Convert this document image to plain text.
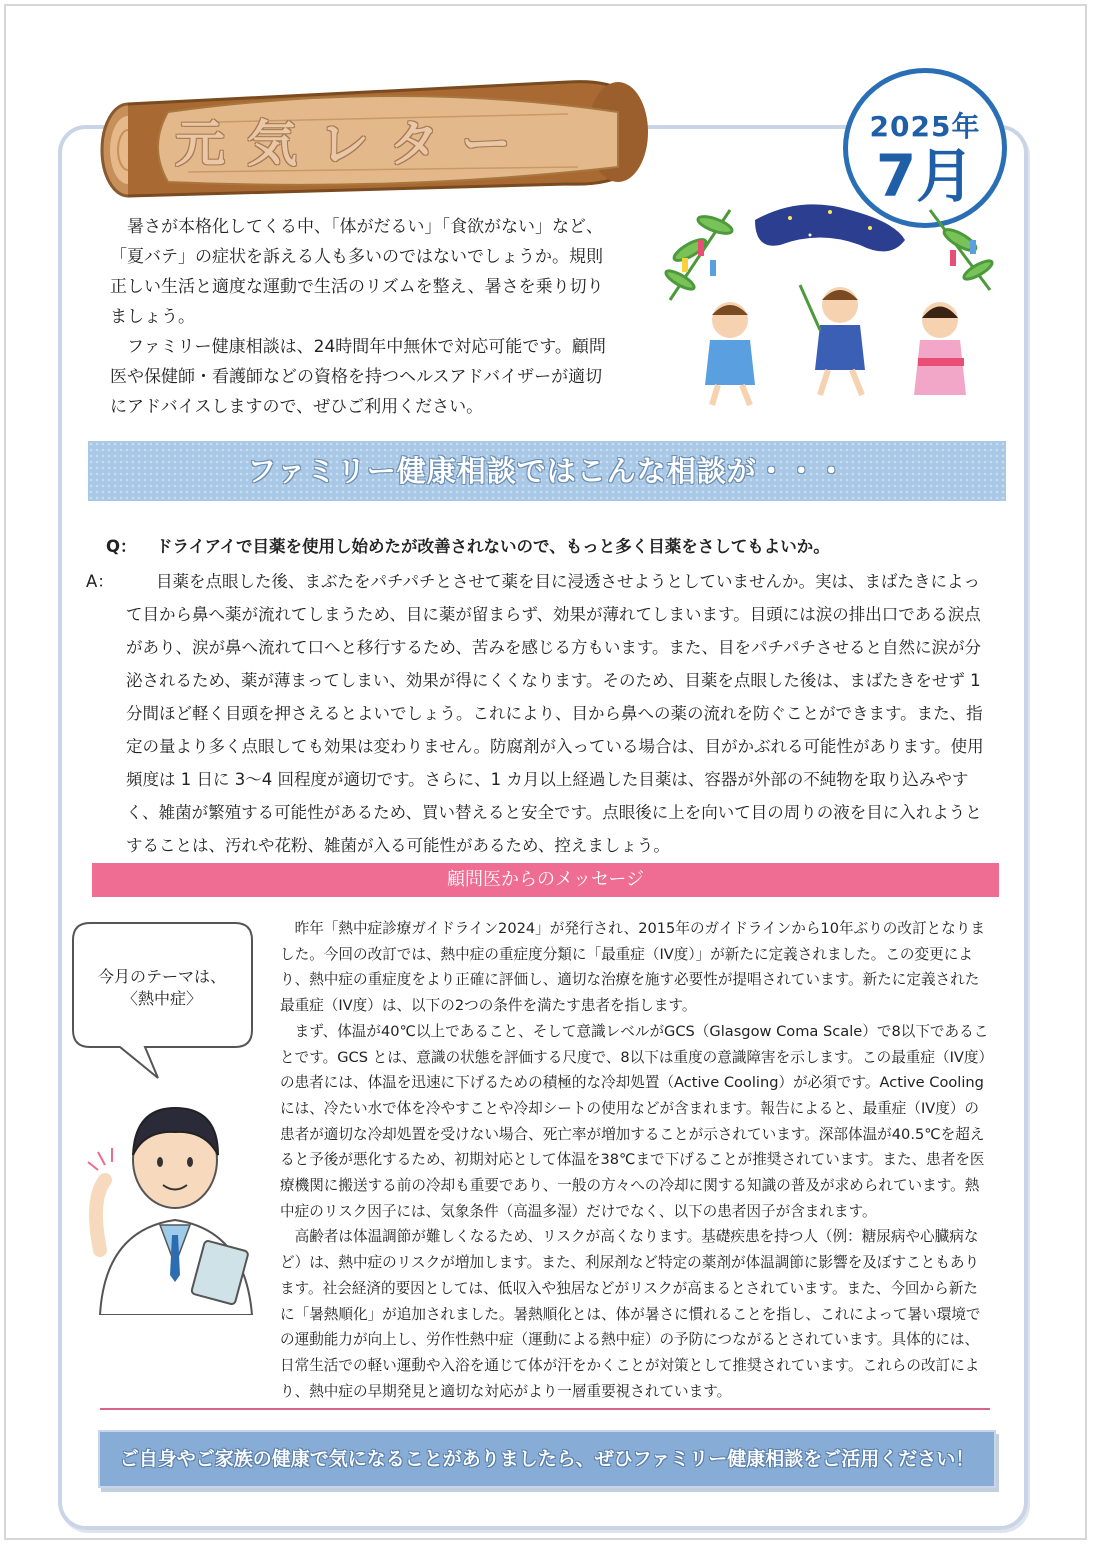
元気レター	2025年
7月

暑さが本格化してくる中、「体がだるい」「食欲がない」など、「夏バテ」の症状を訴える人も多いのではないでしょうか。規則正しい生活と適度な運動で生活のリズムを整え、暑さを乗り切りましょう。

ファミリー健康相談は、24時間年中無休で対応可能です。顧問医や保健師・看護師などの資格を持つヘルスアドバイザーが適切にアドバイスしますので、ぜひご利用ください。

ファミリー健康相談ではこんな相談が・・・
Q：	ドライアイで目薬を使用し始めたが改善されないので、もっと多く目薬をさしてもよいか。
A：	目薬を点眼した後、まぶたをパチパチとさせて薬を目に浸透させようとしていませんか。実は、まばたきによって目から鼻へ薬が流れてしまうため、目に薬が留まらず、効果が薄れてしまいます。目頭には涙の排出口である涙点があり、涙が鼻へ流れて口へと移行するため、苦みを感じる方もいます。また、目をパチパチさせると自然に涙が分泌されるため、薬が薄まってしまい、効果が得にくくなります。そのため、目薬を点眼した後は、まばたきをせず 1 分間ほど軽く目頭を押さえるとよいでしょう。これにより、目から鼻への薬の流れを防ぐことができます。また、指定の量より多く点眼しても効果は変わりません。防腐剤が入っている場合は、目がかぶれる可能性があります。使用頻度は 1 日に 3～4 回程度が適切です。さらに、1 カ月以上経過した目薬は、容器が外部の不純物を取り込みやすく、雑菌が繁殖する可能性があるため、買い替えると安全です。点眼後に上を向いて目の周りの液を目に入れようとすることは、汚れや花粉、雑菌が入る可能性があるため、控えましょう。
顧問医からのメッセージ
今月のテーマは、
〈熱中症〉

昨年「熱中症診療ガイドライン2024」が発行され、2015年のガイドラインから10年ぶりの改訂となりました。今回の改訂では、熱中症の重症度分類に「最重症（IV度）」が新たに定義されました。この変更により、熱中症の重症度をより正確に評価し、適切な治療を施す必要性が提唱されています。新たに定義された最重症（IV度）は、以下の2つの条件を満たす患者を指します。

まず、体温が40℃以上であること、そして意識レベルがGCS（Glasgow Coma Scale）で8以下であることです。GCS とは、意識の状態を評価する尺度で、8以下は重度の意識障害を示します。この最重症（IV度）の患者には、体温を迅速に下げるための積極的な冷却処置（Active Cooling）が必須です。Active Coolingには、冷たい水で体を冷やすことや冷却シートの使用などが含まれます。報告によると、最重症（IV度）の患者が適切な冷却処置を受けない場合、死亡率が増加することが示されています。深部体温が40.5℃を超えると予後が悪化するため、初期対応として体温を38℃まで下げることが推奨されています。また、患者を医療機関に搬送する前の冷却も重要であり、一般の方々への冷却に関する知識の普及が求められています。熱中症のリスク因子には、気象条件（高温多湿）だけでなく、以下の患者因子が含まれます。

高齢者は体温調節が難しくなるため、リスクが高くなります。基礎疾患を持つ人（例：糖尿病や心臓病など）は、熱中症のリスクが増加します。また、利尿剤など特定の薬剤が体温調節に影響を及ぼすこともあります。社会経済的要因としては、低収入や独居などがリスクが高まるとされています。また、今回から新たに「暑熱順化」が追加されました。暑熱順化とは、体が暑さに慣れることを指し、これによって暑い環境での運動能力が向上し、労作性熱中症（運動による熱中症）の予防につながるとされています。具体的には、日常生活での軽い運動や入浴を通じて体が汗をかくことが対策として推奨されています。これらの改訂により、熱中症の早期発見と適切な対応がより一層重要視されています。

ご自身やご家族の健康で気になることがありましたら、ぜひファミリー健康相談をご活用ください！
